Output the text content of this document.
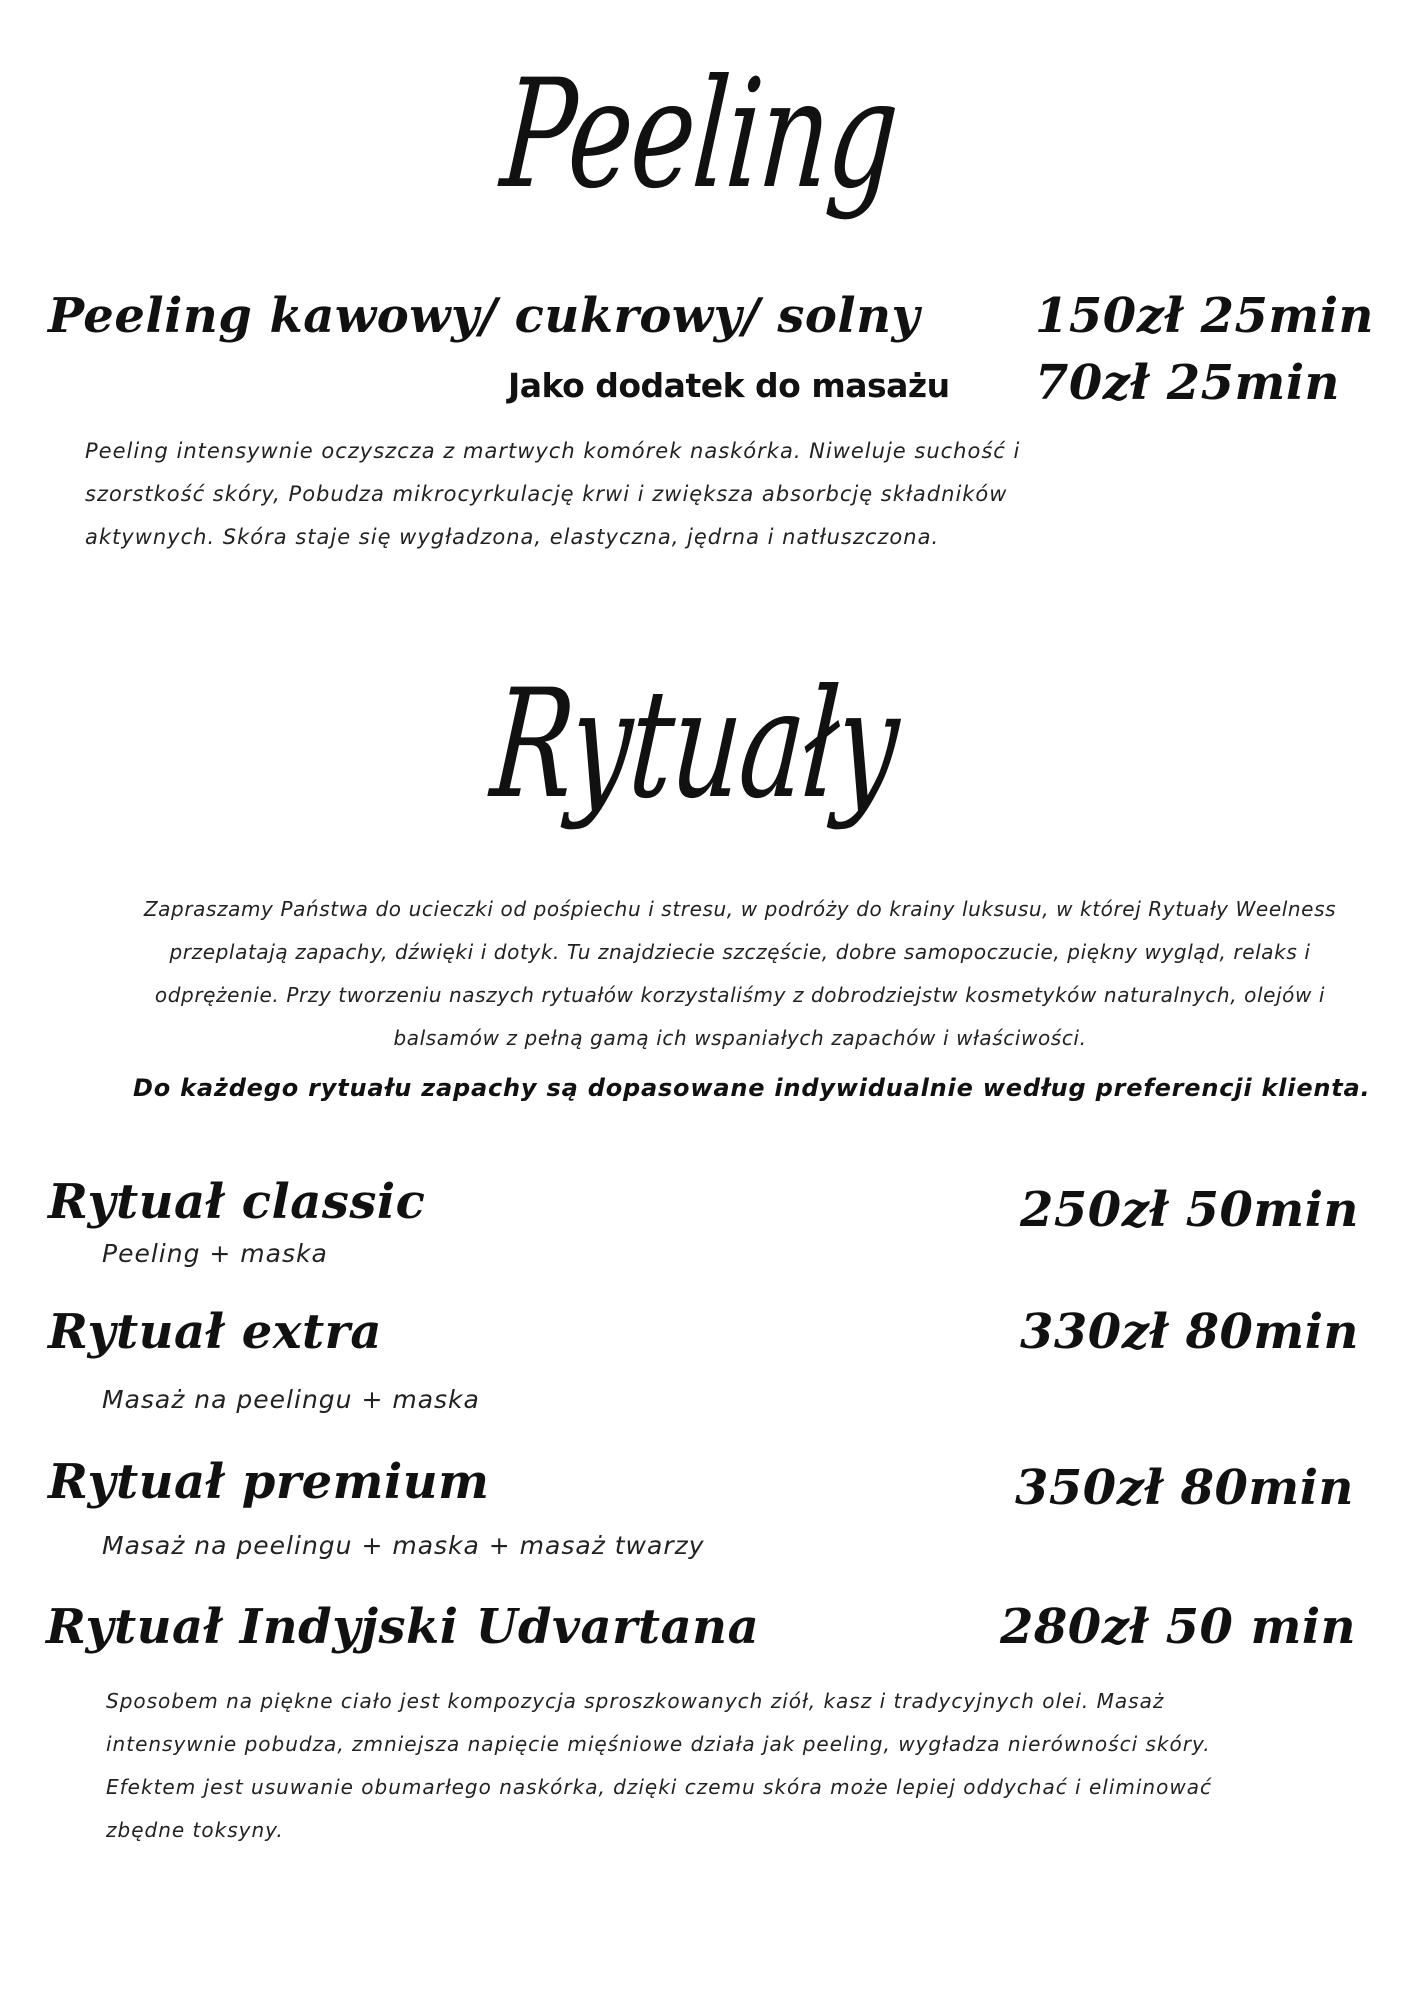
Peeling
Peeling kawowy/ cukrowy/ solny 150zł 25min
Jako dodatek do masażu 70zł 25min
Peeling intensywnie oczyszcza z martwych komórek naskórka. Niweluje suchość i
szorstkość skóry, Pobudza mikrocyrkulację krwi i zwiększa absorbcję składników
aktywnych. Skóra staje się wygładzona, elastyczna, jędrna i natłuszczona.
Rytuały
Zapraszamy Państwa do ucieczki od pośpiechu i stresu, w podróży do krainy luksusu, w której Rytuały Weelness
przeplatają zapachy, dźwięki i dotyk. Tu znajdziecie szczęście, dobre samopoczucie, piękny wygląd, relaks i
odprężenie. Przy tworzeniu naszych rytuałów korzystaliśmy z dobrodziejstw kosmetyków naturalnych, olejów i
balsamów z pełną gamą ich wspaniałych zapachów i właściwości.
Do każdego rytuału zapachy są dopasowane indywidualnie według preferencji klienta.
Rytuał classic	250zł 50min
Peeling + maska
Rytuał extra	330zł 80min
Masaż na peelingu + maska
Rytuał premium	350zł 80min
Masaż na peelingu + maska + masaż twarzy
Rytuał Indyjski Udvartana	280zł 50 min
Sposobem na piękne ciało jest kompozycja sproszkowanych ziół, kasz i tradycyjnych olei. Masaż
intensywnie pobudza, zmniejsza napięcie mięśniowe działa jak peeling, wygładza nierówności skóry.
Efektem jest usuwanie obumarłego naskórka, dzięki czemu skóra może lepiej oddychać i eliminować
zbędne toksyny.
